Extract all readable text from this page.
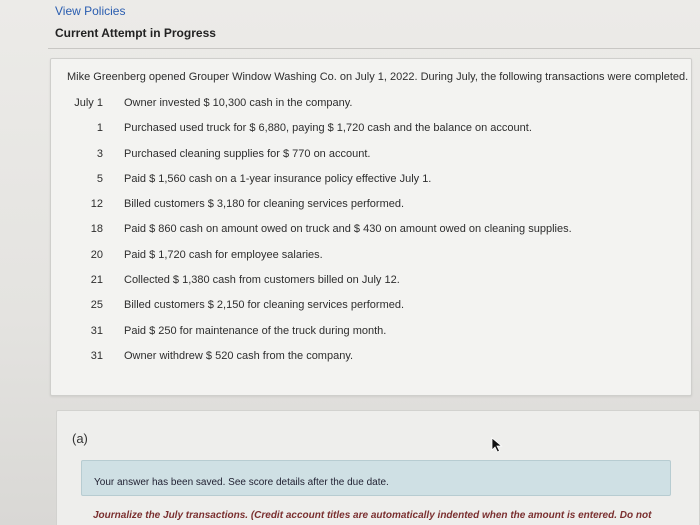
View Policies
Current Attempt in Progress
Mike Greenberg opened Grouper Window Washing Co. on July 1, 2022. During July, the following transactions were completed.
July 1 Owner invested $ 10,300 cash in the company.
1 Purchased used truck for $ 6,880, paying $ 1,720 cash and the balance on account.
3 Purchased cleaning supplies for $ 770 on account.
5 Paid $ 1,560 cash on a 1-year insurance policy effective July 1.
12 Billed customers $ 3,180 for cleaning services performed.
18 Paid $ 860 cash on amount owed on truck and $ 430 on amount owed on cleaning supplies.
20 Paid $ 1,720 cash for employee salaries.
21 Collected $ 1,380 cash from customers billed on July 12.
25 Billed customers $ 2,150 for cleaning services performed.
31 Paid $ 250 for maintenance of the truck during month.
31 Owner withdrew $ 520 cash from the company.
(a)
Your answer has been saved. See score details after the due date.
Journalize the July transactions. (Credit account titles are automatically indented when the amount is entered. Do not
